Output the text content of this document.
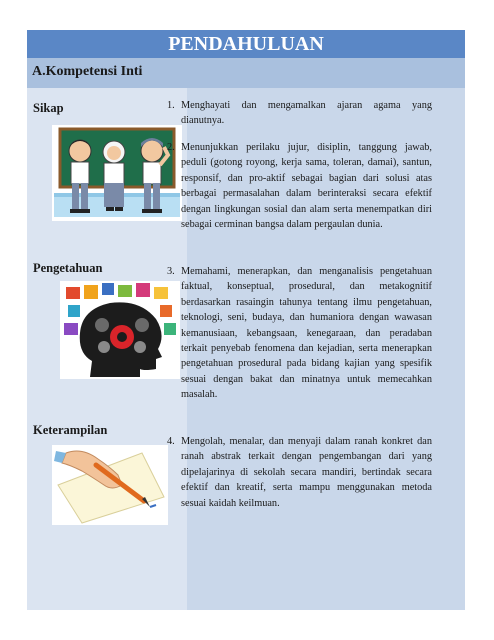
PENDAHULUAN
A.Kompetensi Inti
Sikap
Pengetahuan
Keterampilan
1. Menghayati dan mengamalkan ajaran agama yang dianutnya.
2. Menunjukkan perilaku jujur, disiplin, tanggung jawab, peduli (gotong royong, kerja sama, toleran, damai), santun, responsif, dan pro-aktif sebagai bagian dari solusi atas berbagai permasalahan dalam berinteraksi secara efektif dengan lingkungan sosial dan alam serta menempatkan diri sebagai cerminan bangsa dalam pergaulan dunia.
3. Memahami, menerapkan, dan menganalisis pengetahuan faktual, konseptual, prosedural, dan metakognitif berdasarkan rasaingin tahunya tentang ilmu pengetahuan, teknologi, seni, budaya, dan humaniora dengan wawasan kemanusiaan, kebangsaan, kenegaraan, dan peradaban terkait penyebab fenomena dan kejadian, serta menerapkan pengetahuan prosedural pada bidang kajian yang spesifik sesuai dengan bakat dan minatnya untuk memecahkan masalah.
4. Mengolah, menalar, dan menyaji dalam ranah konkret dan ranah abstrak terkait dengan pengembangan dari yang dipelajarinya di sekolah secara mandiri, bertindak secara efektif dan kreatif, serta mampu menggunakan metoda sesuai kaidah keilmuan.
